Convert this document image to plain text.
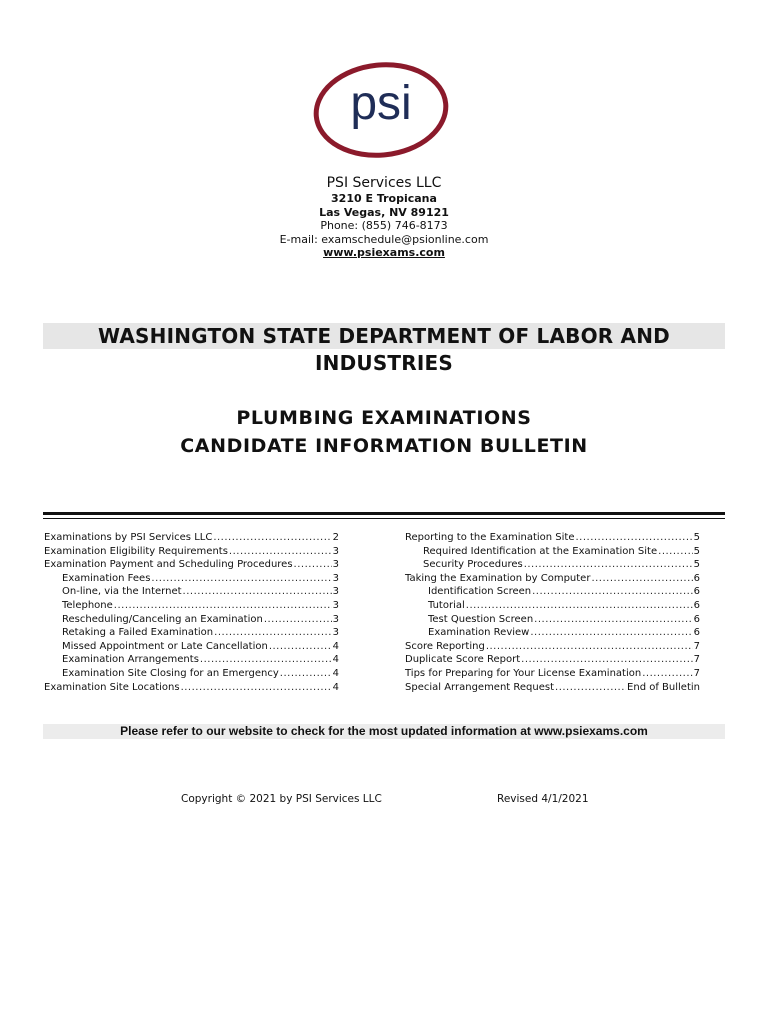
psi
PSI Services LLC
3210 E Tropicana
Las Vegas, NV 89121
Phone: (855) 746-8173
E-mail: examschedule@psionline.com
www.psiexams.com
WASHINGTON STATE DEPARTMENT OF LABOR AND INDUSTRIES
PLUMBING EXAMINATIONS
CANDIDATE INFORMATION BULLETIN
Examinations by PSI Services LLC .....	2
Examination Eligibility Requirements .....	3
Examination Payment and Scheduling Procedures .....	3
Examination Fees .....	3
On-line, via the Internet .....	3
Telephone .....	3
Rescheduling/Canceling an Examination .....	3
Retaking a Failed Examination .....	3
Missed Appointment or Late Cancellation .....	4
Examination Arrangements .....	4
Examination Site Closing for an Emergency .....	4
Examination Site Locations .....	4
Reporting to the Examination Site .....	5
Required Identification at the Examination Site .....	5
Security Procedures .....	5
Taking the Examination by Computer .....	6
Identification Screen .....	6
Tutorial .....	6
Test Question Screen .....	6
Examination Review .....	6
Score Reporting .....	7
Duplicate Score Report .....	7
Tips for Preparing for Your License Examination .....	7
Special Arrangement Request .....	End of Bulletin
Please refer to our website to check for the most updated information at www.psiexams.com
Copyright © 2021 by PSI Services LLC	Revised 4/1/2021
